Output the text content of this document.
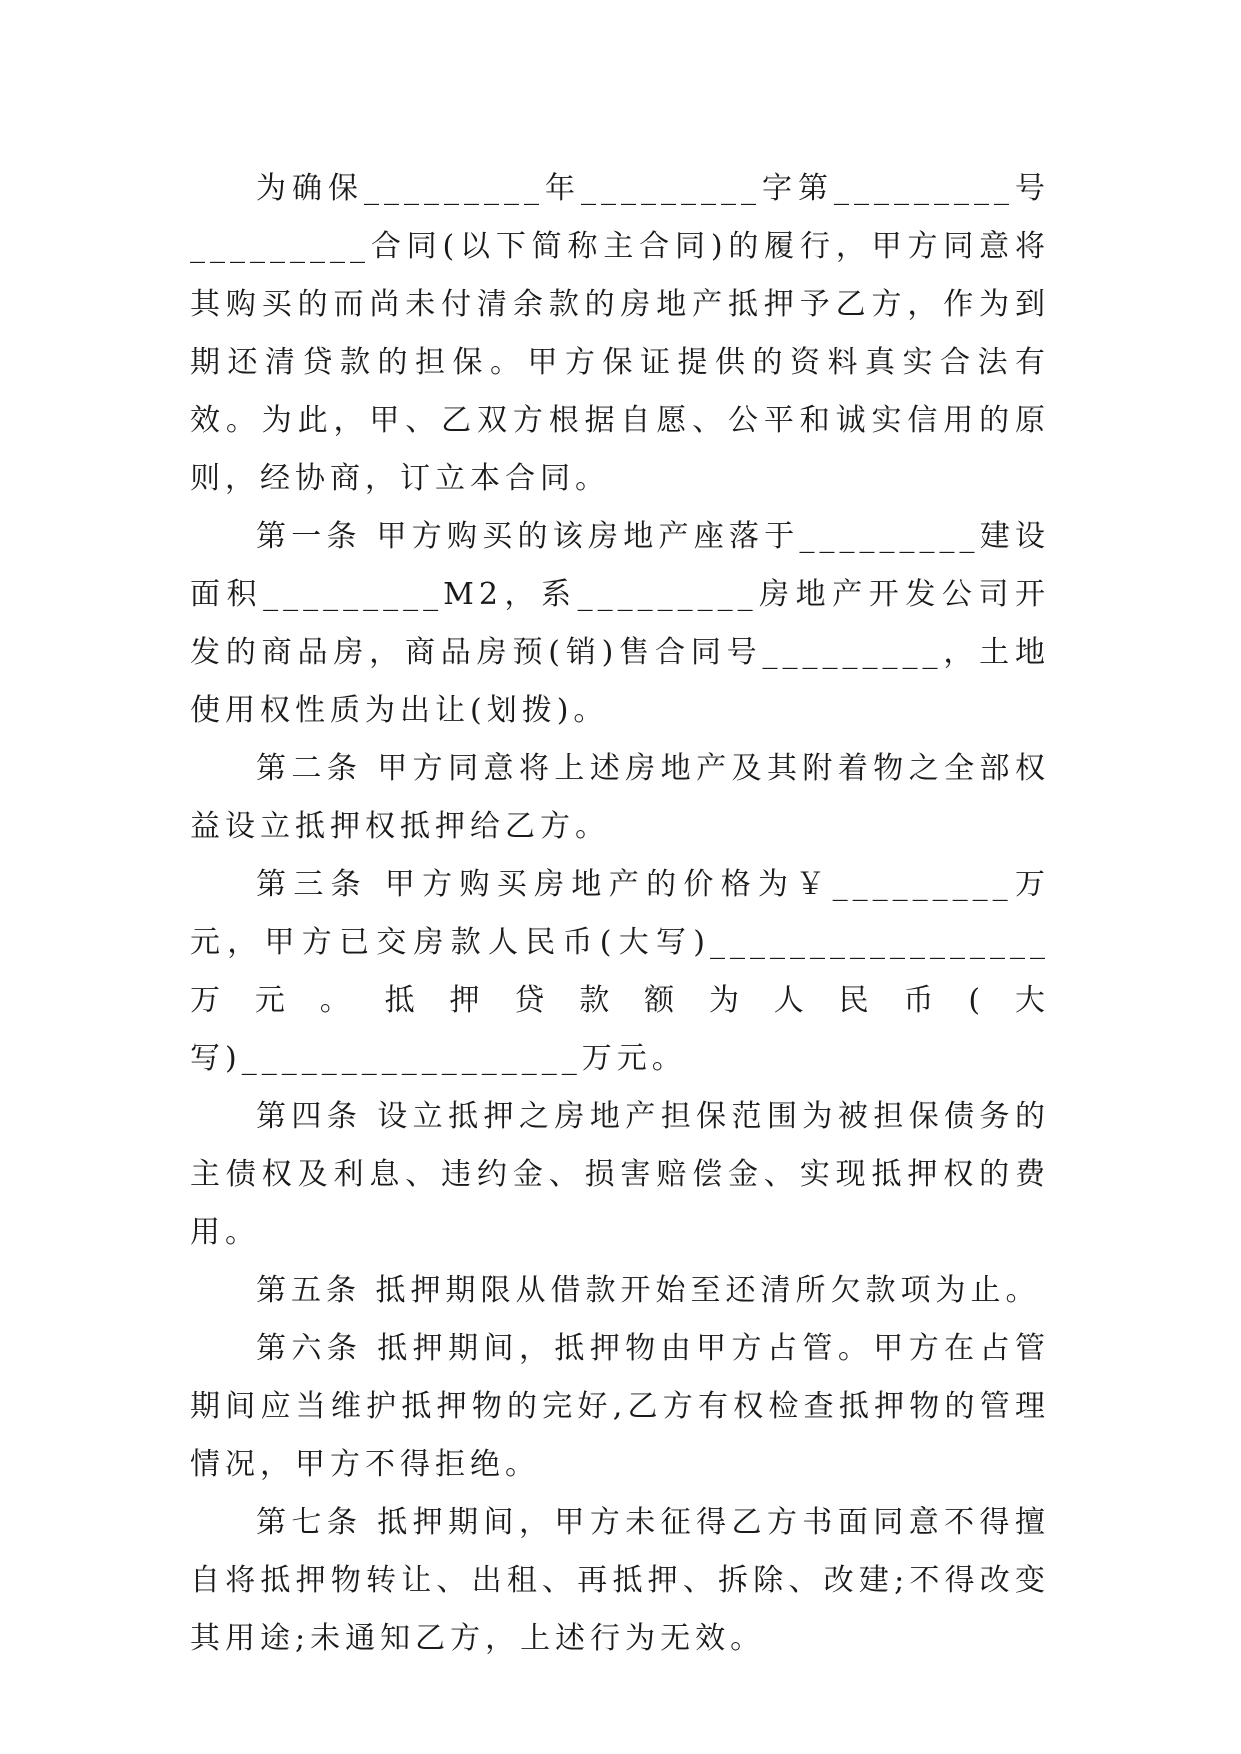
为确保_________年_________字第_________号_________合同(以下简称主合同)的履行，甲方同意将其购买的而尚未付清余款的房地产抵押予乙方，作为到期还清贷款的担保。甲方保证提供的资料真实合法有效。为此，甲、乙双方根据自愿、公平和诚实信用的原则，经协商，订立本合同。

第一条 甲方购买的该房地产座落于_________建设面积_________M2，系_________房地产开发公司开发的商品房，商品房预(销)售合同号_________，土地使用权性质为出让(划拨)。

第二条 甲方同意将上述房地产及其附着物之全部权益设立抵押权抵押给乙方。

第三条 甲方购买房地产的价格为￥_________万元，甲方已交房款人民币(大写)_________________万元。抵押贷款额为人民币(大写)_________________万元。

第四条 设立抵押之房地产担保范围为被担保债务的主债权及利息、违约金、损害赔偿金、实现抵押权的费用。

第五条 抵押期限从借款开始至还清所欠款项为止。

第六条 抵押期间，抵押物由甲方占管。甲方在占管期间应当维护抵押物的完好,乙方有权检查抵押物的管理情况，甲方不得拒绝。

第七条 抵押期间，甲方未征得乙方书面同意不得擅自将抵押物转让、出租、再抵押、拆除、改建;不得改变其用途;未通知乙方，上述行为无效。
